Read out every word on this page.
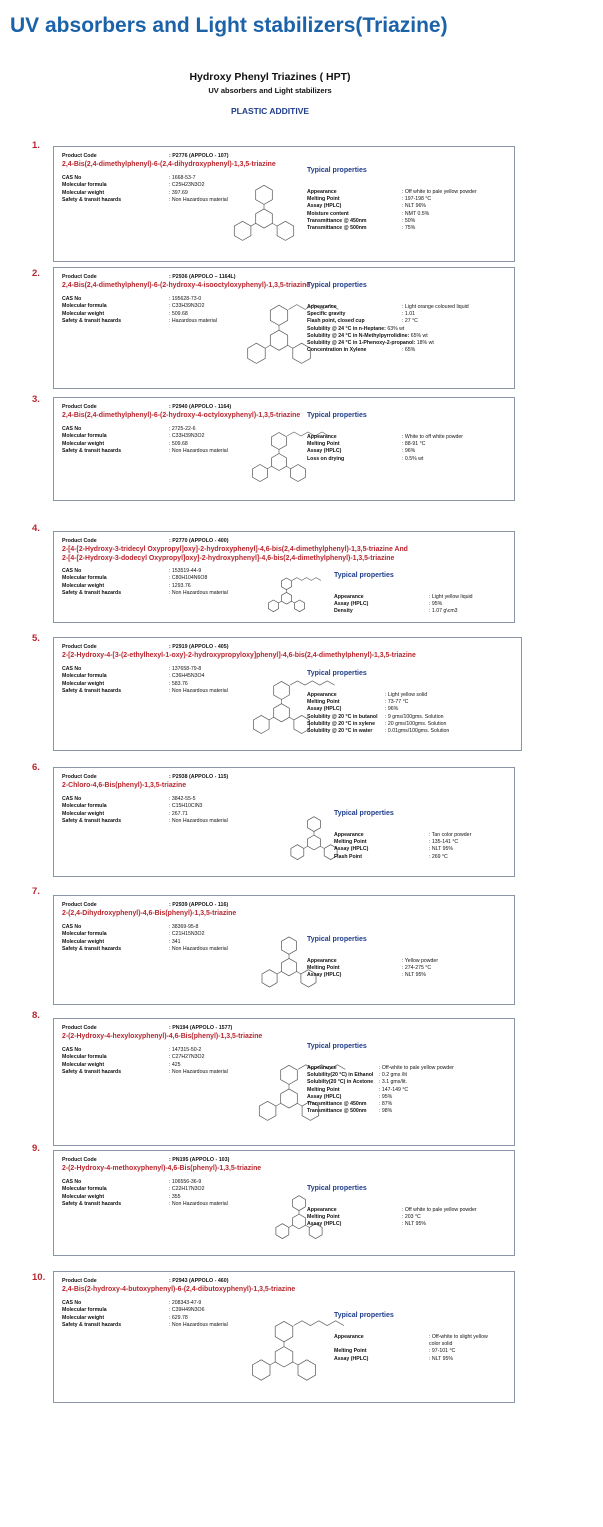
UV absorbers and Light stabilizers(Triazine)
Hydroxy Phenyl Triazines ( HPT)
UV absorbers and Light stabilizers
PLASTIC ADDITIVE
1.
Product Code	: P2776 (APPOLO - 107)
2,4-Bis(2,4-dimethylphenyl)-6-(2,4-dihydroxyphenyl)-1,3,5-triazine
CAS No	: 1668-53-7
Molecular formula	: C25H23N3O2
Molecular weight	: 397.69
Safety & transit hazards	: Non Hazardous material
Typical properties
Appearance	: Off white to pale yellow powder
Melting Point	: 197-198 °C
Assay (HPLC)	: NLT 96%
Moisture content	: NMT 0.5%
Transmittance @ 450nm	: 50%
Transmittance @ 500nm	: 75%
2.	Product Code	: P2936 (APPOLO – 1164L)
2,4-Bis(2,4-dimethylphenyl)-6-(2-hydroxy-4-isooctyloxyphenyl)-1,3,5-triazine
CAS No	: 195628-73-0
Molecular formula	: C33H39N3O2
Molecular weight	: 509.68
Safety & transit hazards	: Hazardous material
Typical properties
Appearance	: Light orange coloured liquid
Specific gravity	: 1.01
Flash point, closed cup	: 27 °C
Solubility @ 24 °C in n-Heptane: 63% wt
Solubility @ 24 °C in N-Methylpyrrolidine: 65% wt
Solubility @ 24 °C in 1-Phenoxy-2-propanol: 18% wt
Concentration in Xylene	: 65%
3.
Product Code	: P2940 (APPOLO - 1164)
2,4-Bis(2,4-dimethylphenyl)-6-(2-hydroxy-4-octyloxyphenyl)-1,3,5-triazine
CAS No	: 2725-22-6
Molecular formula	: C33H39N3O2
Molecular weight	: 509.68
Safety & transit hazards	: Non Hazardous material
Typical properties
Appearance	: White to off white powder
Melting Point	: 88-91 °C
Assay (HPLC)	: 96%
Loss on drying	: 0.5% wt
4.
Product Code	: P2770 (APPOLO - 400)
2-[4-[2-Hydroxy-3-tridecyl Oxypropyl]oxy]-2-hydroxyphenyl]-4,6-bis(2,4-dimethylphenyl)-1,3,5-triazine And
2-[4-[2-Hydroxy-3-dodecyl Oxypropyl]oxy]-2-hydroxyphenyl]-4,6-bis(2,4-dimethylphenyl)-1,3,5-triazine
CAS No	: 153519-44-9
Molecular formula	: C80H104N6O8
Molecular weight	: 1293.76
Safety & transit hazards	: Non Hazardous material
Typical properties
Appearance	: Light yellow liquid
Assay (HPLC)	: 95%
Density	: 1.07 g\cm3
5.
Product Code	: P2919 (APPOLO - 405)
2-[2-Hydroxy-4-[3-(2-ethylhexyl-1-oxy)-2-hydroxypropyloxy]phenyl]-4,6-bis(2,4-dimethylphenyl)-1,3,5-triazine
CAS No	: 137658-79-8
Molecular formula	: C36H45N3O4
Molecular weight	: 583.76
Safety & transit hazards	: Non Hazardous material
Typical properties
Appearance	: Light yellow solid
Melting Point	: 73-77 °C
Assay (HPLC)	: 96%
Solubility @ 20 °C in butanol : 9 gms/100gms. Solution
Solubility @ 20 °C in xylene : 20 gms/100gms. Solution
Solubility @ 20 °C in water : 0.01gms/100gms. Solution
6.
Product Code	: P2938 (APPOLO - 115)
2-Chloro-4,6-Bis(phenyl)-1,3,5-triazine
CAS No	: 3842-55-5
Molecular formula	: C15H10ClN3
Molecular weight	: 267.71
Safety & transit hazards	: Non Hazardous material
Typical properties
Appearance	: Tan color powder
Melting Point	: 135-141 °C
Assay (HPLC)	: NLT 95%
Flash Point	: 269 °C
7.
Product Code	: P2939 (APPOLO - 116)
2-(2,4-Dihydroxyphenyl)-4,6-Bis(phenyl)-1,3,5-triazine
CAS No	: 38369-95-8
Molecular formula	: C21H15N3O2
Molecular weight	: 341
Safety & transit hazards	: Non Hazardous material
Typical properties
Appearance	: Yellow powder
Melting Point	: 274-275 °C
Assay (HPLC)	: NLT 95%
8.
Product Code	: PN194 (APPOLO - 1577)
2-(2-Hydroxy-4-hexyloxyphenyl)-4,6-Bis(phenyl)-1,3,5-triazine
CAS No	: 147315-50-2
Molecular formula	: C27H27N3O2
Molecular weight	: 425
Safety & transit hazards	: Non Hazardous material
Typical properties
Appearance	: Off-white to pale yellow powder
Solubility(20 °C) in Ethanol : 0.2 gms /lit
Solubilty(20 °C) in Acetone : 3.1 gms/lit.
Melting Point	: 147-149 °C
Assay (HPLC)	: 95%
Transmittance @ 450nm : 87%
Transmittance @ 500nm : 98%
9.
Product Code	: PN195 (APPOLO - 103)
2-(2-Hydroxy-4-methoxyphenyl)-4,6-Bis(phenyl)-1,3,5-triazine
CAS No	: 106556-36-9
Molecular formula	: C22H17N3O2
Molecular weight	: 355
Safety & transit hazards	: Non Hazardous material
Typical properties
Appearance	: Off white to pale yellow powder
Melting Point	: 203 °C
Assay (HPLC)	: NLT 95%
10.	Product Code	: P2943 (APPOLO - 460)
2,4-Bis(2-hydroxy-4-butoxyphenyl)-6-(2,4-dibutoxyphenyl)-1,3,5-triazine
CAS No	: 208343-47-9
Molecular formula	: C39H49N3O6
Molecular weight	: 629.78
Safety & transit hazards	: Non Hazardous material
Typical properties
Appearance	: Off-white to slight yellow
color solid
Melting Point	: 97-101 °C
Assay (HPLC)	: NLT 95%
